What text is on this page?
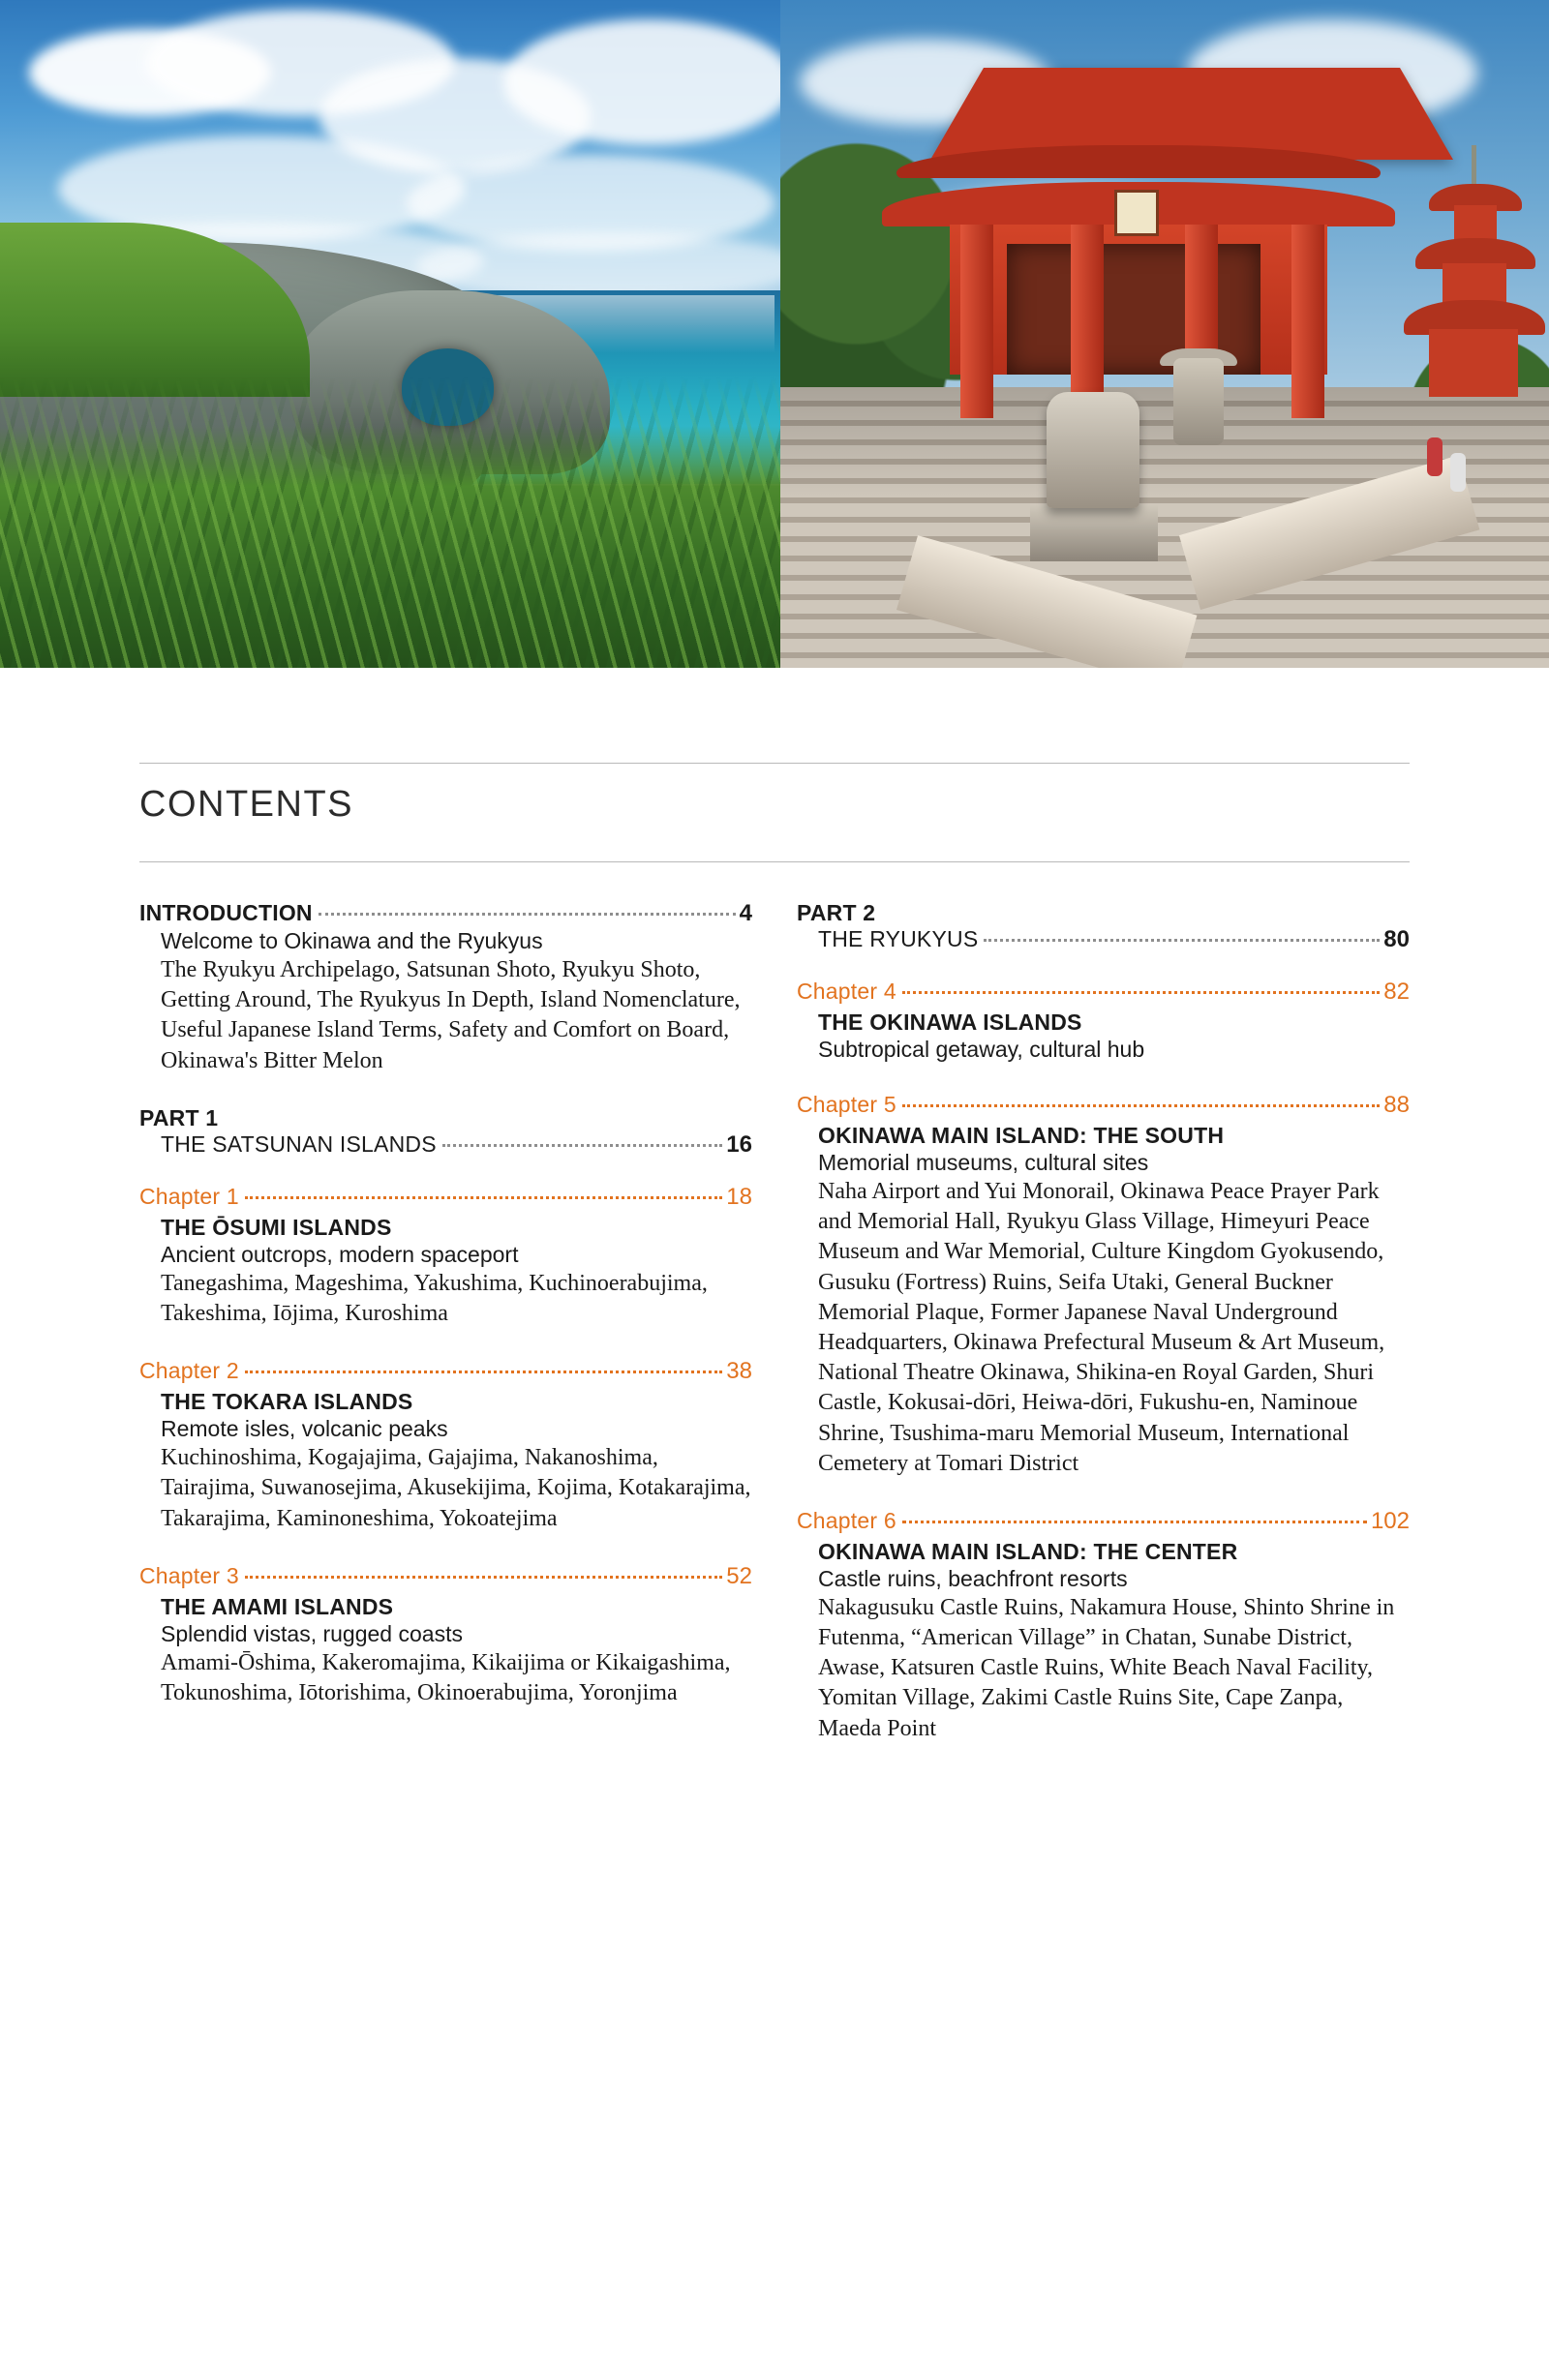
CONTENTS
INTRODUCTION	4
Welcome to Okinawa and the Ryukyus
The Ryukyu Archipelago, Satsunan Shoto, Ryukyu Shoto, Getting Around, The Ryukyus In Depth, Island Nomenclature, Useful Japanese Island Terms, Safety and Comfort on Board, Okinawa's Bitter Melon
PART 1
THE SATSUNAN ISLANDS	16
Chapter 1	18
THE ŌSUMI ISLANDS
Ancient outcrops, modern spaceport
Tanegashima, Mageshima, Yakushima, Kuchinoerabujima, Takeshima, Iōjima, Kuroshima
Chapter 2	38
THE TOKARA ISLANDS
Remote isles, volcanic peaks
Kuchinoshima, Kogajajima, Gajajima, Nakanoshima, Tairajima, Suwanosejima, Akusekijima, Kojima, Kotakarajima, Takarajima, Kaminoneshima, Yokoatejima
Chapter 3	52
THE AMAMI ISLANDS
Splendid vistas, rugged coasts
Amami-Ōshima, Kakeromajima, Kikaijima or Kikaigashima, Tokunoshima, Iōtorishima, Okinoerabujima, Yoronjima
PART 2
THE RYUKYUS	80
Chapter 4	82
THE OKINAWA ISLANDS
Subtropical getaway, cultural hub
Chapter 5	88
OKINAWA MAIN ISLAND: THE SOUTH
Memorial museums, cultural sites
Naha Airport and Yui Monorail, Okinawa Peace Prayer Park and Memorial Hall, Ryukyu Glass Village, Himeyuri Peace Museum and War Memorial, Culture Kingdom Gyokusendo, Gusuku (Fortress) Ruins, Seifa Utaki, General Buckner Memorial Plaque, Former Japanese Naval Underground Headquarters, Okinawa Prefectural Museum & Art Museum, National Theatre Okinawa, Shikina-en Royal Garden, Shuri Castle, Kokusai-dōri, Heiwa-dōri, Fukushu-en, Naminoue Shrine, Tsushima-maru Memorial Museum, International Cemetery at Tomari District
Chapter 6	102
OKINAWA MAIN ISLAND: THE CENTER
Castle ruins, beachfront resorts
Nakagusuku Castle Ruins, Nakamura House, Shinto Shrine in Futenma, “American Village” in Chatan, Sunabe District, Awase, Katsuren Castle Ruins, White Beach Naval Facility, Yomitan Village, Zakimi Castle Ruins Site, Cape Zanpa, Maeda Point
